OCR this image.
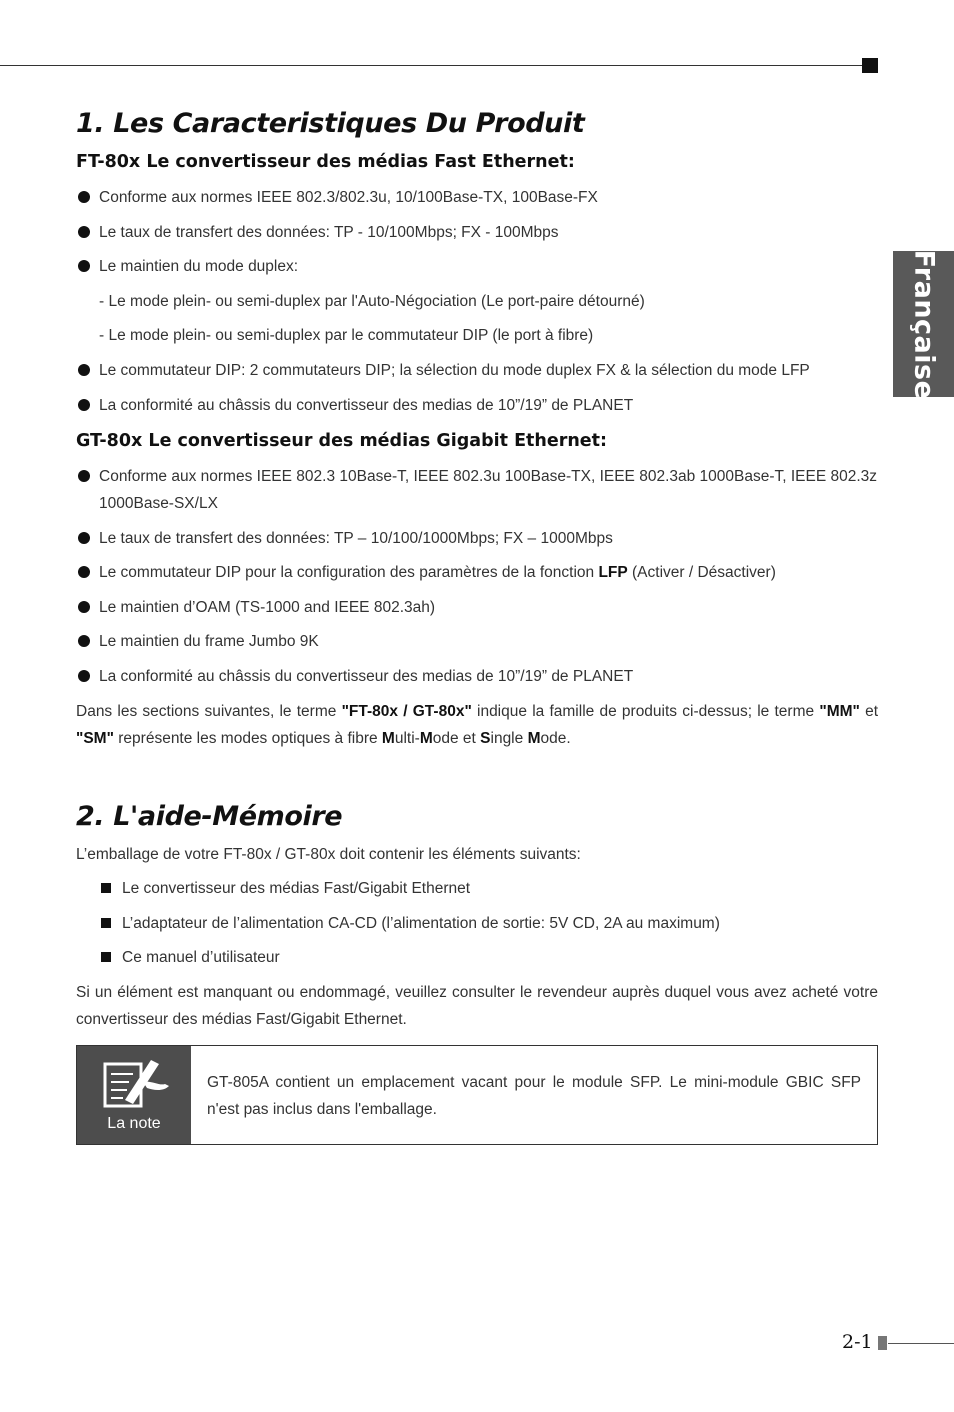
Française
1. Les Caracteristiques Du Produit
FT-80x Le convertisseur des médias Fast Ethernet:
Conforme aux normes IEEE 802.3/802.3u, 10/100Base-TX, 100Base-FX
Le taux de transfert des données: TP - 10/100Mbps; FX - 100Mbps
Le maintien du mode duplex:
- Le mode plein- ou semi-duplex par l'Auto-Négociation (Le port-paire détourné)
- Le mode plein- ou semi-duplex par le commutateur DIP (le port à fibre)
Le commutateur DIP: 2 commutateurs DIP; la sélection du mode duplex FX & la sélection du mode LFP
La conformité au châssis du convertisseur des medias de 10”/19” de PLANET
GT-80x Le convertisseur des médias Gigabit Ethernet:
Conforme aux normes IEEE 802.3 10Base-T, IEEE 802.3u 100Base-TX, IEEE 802.3ab 1000Base-T, IEEE 802.3z 1000Base-SX/LX
Le taux de transfert des données: TP – 10/100/1000Mbps; FX – 1000Mbps
Le commutateur DIP pour la configuration des paramètres de la fonction LFP (Activer / Désactiver)
Le maintien d’OAM (TS-1000 and IEEE 802.3ah)
Le maintien du frame Jumbo 9K
La conformité au châssis du convertisseur des medias de 10”/19” de PLANET
Dans les sections suivantes, le terme "FT-80x / GT-80x" indique la famille de produits ci-dessus; le terme "MM" et "SM" représente les modes optiques à fibre Multi-Mode et Single Mode.
2. L'aide-Mémoire
L’emballage de votre FT-80x / GT-80x doit contenir les éléments suivants:
Le convertisseur des médias Fast/Gigabit Ethernet
L’adaptateur de l’alimentation CA-CD (l’alimentation de sortie: 5V CD, 2A au maximum)
Ce manuel d’utilisateur
Si un élément est manquant ou endommagé, veuillez consulter le revendeur auprès duquel vous avez acheté votre convertisseur des médias Fast/Gigabit Ethernet.
La note
GT-805A contient un emplacement vacant pour le module SFP. Le mini-module GBIC SFP n'est pas inclus dans l'emballage.
2-1
